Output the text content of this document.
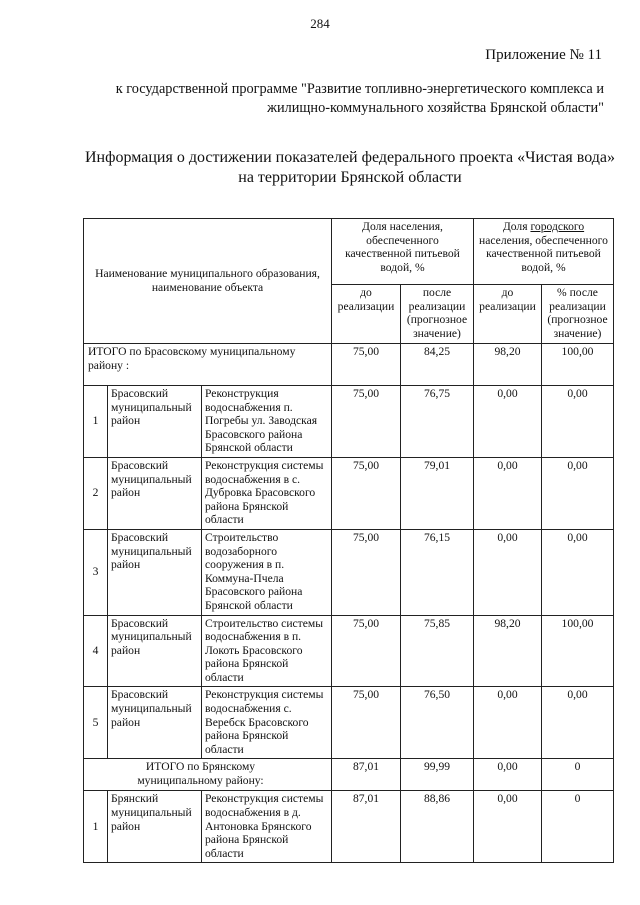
284
Приложение № 11
к государственной программе "Развитие топливно-энергетического комплекса и жилищно-коммунального хозяйства Брянской области"
Информация о достижении показателей федерального проекта «Чистая вода» на территории Брянской области
Наименование муниципального образования, наименование объекта			Доля населения, обеспеченного качественной питьевой водой, %		Доля городского населения, обеспеченного качественной питьевой водой, %	
			до реализации	после реализации (прогнозное значение)	до реализации	% после реализации (прогнозное значение)
ИТОГО по Брасовскому муниципальному району :			75,00	84,25	98,20	100,00
1	Брасовский муниципальный район	Реконструкция водоснабжения п. Погребы ул. Заводская Брасовского района Брянской области	75,00	76,75	0,00	0,00
2	Брасовский муниципальный район	Реконструкция системы водоснабжения в с. Дубровка Брасовского района Брянской области	75,00	79,01	0,00	0,00
3	Брасовский муниципальный район	Строительство водозаборного сооружения в п. Коммуна-Пчела Брасовского района Брянской области	75,00	76,15	0,00	0,00
4	Брасовский муниципальный район	Строительство системы водоснабжения в п. Локоть Брасовского района Брянской области	75,00	75,85	98,20	100,00
5	Брасовский муниципальный район	Реконструкция системы водоснабжения с. Веребск Брасовского района Брянской области	75,00	76,50	0,00	0,00
ИТОГО по Брянскому муниципальному району:			87,01	99,99	0,00	0
1	Брянский муниципальный район	Реконструкция системы водоснабжения в д. Антоновка Брянского района Брянской области	87,01	88,86	0,00	0
